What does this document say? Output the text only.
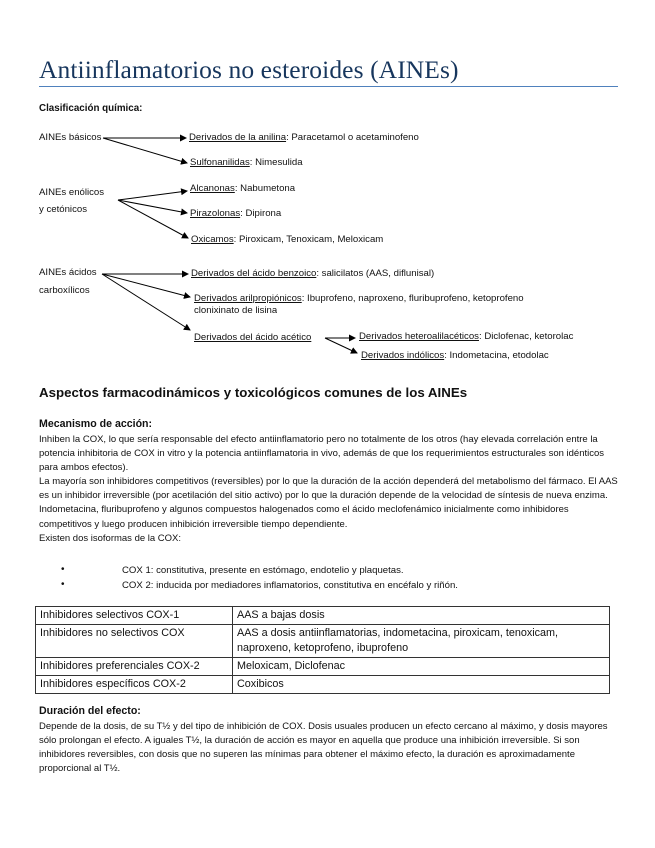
Antiinflamatorios no esteroides (AINEs)
Clasificación química:
AINEs básicos	Derivados de la anilina: Paracetamol o acetaminofeno
Sulfonanilidas: Nimesulida
AINEs enólicos
y cetónicos
Alcanonas: Nabumetona
Pirazolonas: Dipirona
Oxicamos: Piroxicam, Tenoxicam, Meloxicam
AINEs ácidos
carboxílicos
Derivados del ácido benzoico: salicilatos (AAS, diflunisal)
Derivados arilpropiónicos: Ibuprofeno, naproxeno, fluribuprofeno, ketoprofeno
clonixinato de lisina
Derivados del ácido acético	Derivados heteroalilacéticos: Diclofenac, ketorolac
Derivados indólicos: Indometacina, etodolac
Aspectos farmacodinámicos y toxicológicos comunes de los AINEs
Mecanismo de acción:

Inhiben la COX, lo que sería responsable del efecto antiinflamatorio pero no totalmente de los otros (hay elevada correlación entre la potencia inhibitoria de COX in vitro y la potencia antiinflamatoria in vivo, además de que los requerimientos estructurales son idénticos para ambos efectos).

La mayoría son inhibidores competitivos (reversibles) por lo que la duración de la acción dependerá del metabolismo del fármaco. El AAS es un inhibidor irreversible (por acetilación del sitio activo) por lo que la duración depende de la velocidad de síntesis de nueva enzima. Indometacina, fluribuprofeno y algunos compuestos halogenados como el ácido meclofenámico inicialmente como inhibidores competitivos y luego producen inhibición irreversible tiempo dependiente.

Existen dos isoformas de la COX:

•	COX 1: constitutiva, presente en estómago, endotelio y plaquetas.
•	COX 2: inducida por mediadores inflamatorios, constitutiva en encéfalo y riñón.
Inhibidores selectivos COX-1	AAS a bajas dosis
Inhibidores no selectivos COX	AAS a dosis antiinflamatorias, indometacina, piroxicam, tenoxicam, naproxeno, ketoprofeno, ibuprofeno
Inhibidores preferenciales COX-2	Meloxicam, Diclofenac
Inhibidores específicos COX-2	Coxibicos
Duración del efecto:

Depende de la dosis, de su T½ y del tipo de inhibición de COX. Dosis usuales producen un efecto cercano al máximo, y dosis mayores sólo prolongan el efecto. A iguales T½, la duración de acción es mayor en aquella que produce una inhibición irreversible. Si son inhibidores reversibles, con dosis que no superen las mínimas para obtener el máximo efecto, la duración es aproximadamente proporcional al T½.
